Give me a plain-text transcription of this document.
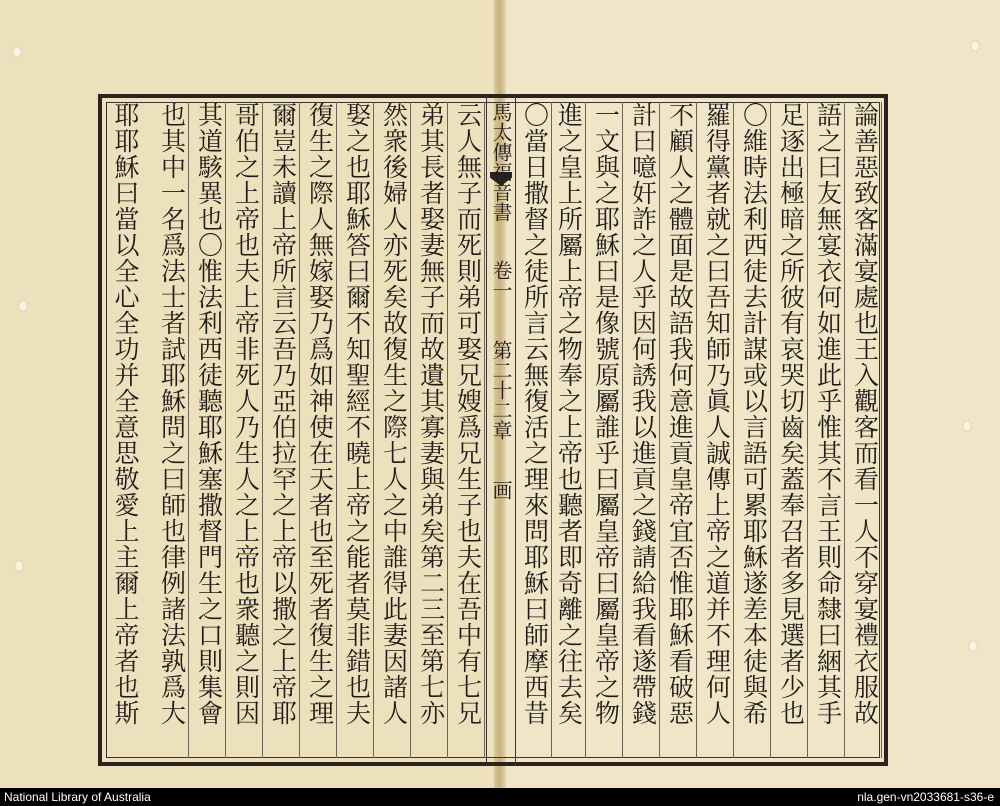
馬太傳福音書
卷一
第二十二章
画	論善惡致客滿宴處也王入觀客而看一人不穿宴禮衣服故
語之曰友無宴衣何如進此乎惟其不言王則命隸曰綑其手
足逐出極暗之所彼有哀哭切齒矣蓋奉召者多見選者少也
〇維時法利西徒去計謀或以言語可累耶穌遂差本徒與希
羅得黨者就之曰吾知師乃眞人誠傳上帝之道并不理何人
不顧人之體面是故語我何意進貢皇帝宜否惟耶穌看破惡
計曰噫奸詐之人乎因何誘我以進貢之錢請給我看遂帶錢
一文與之耶穌曰是像號原屬誰乎曰屬皇帝曰屬皇帝之物
進之皇上所屬上帝之物奉之上帝也聽者即奇離之往去矣
〇當日撒督之徒所言云無復活之理來問耶穌曰師摩西昔
云人無子而死則弟可娶兄嫂爲兄生子也夫在吾中有七兄
弟其長者娶妻無子而故遺其寡妻與弟矣第二三至第七亦
然衆後婦人亦死矣故復生之際七人之中誰得此妻因諸人
娶之也耶穌答曰爾不知聖經不曉上帝之能者莫非錯也夫
復生之際人無嫁娶乃爲如神使在天者也至死者復生之理
爾豈未讀上帝所言云吾乃亞伯拉罕之上帝以撒之上帝耶
哥伯之上帝也夫上帝非死人乃生人之上帝也衆聽之則因
其道駭異也〇惟法利西徒聽耶穌塞撒督門生之口則集會
也其中一名爲法士者試耶穌問之曰師也律例諸法孰爲大
耶耶穌曰當以全心全功并全意思敬愛上主爾上帝者也斯
National Library of Australia	nla.gen-vn2033681-s36-e
